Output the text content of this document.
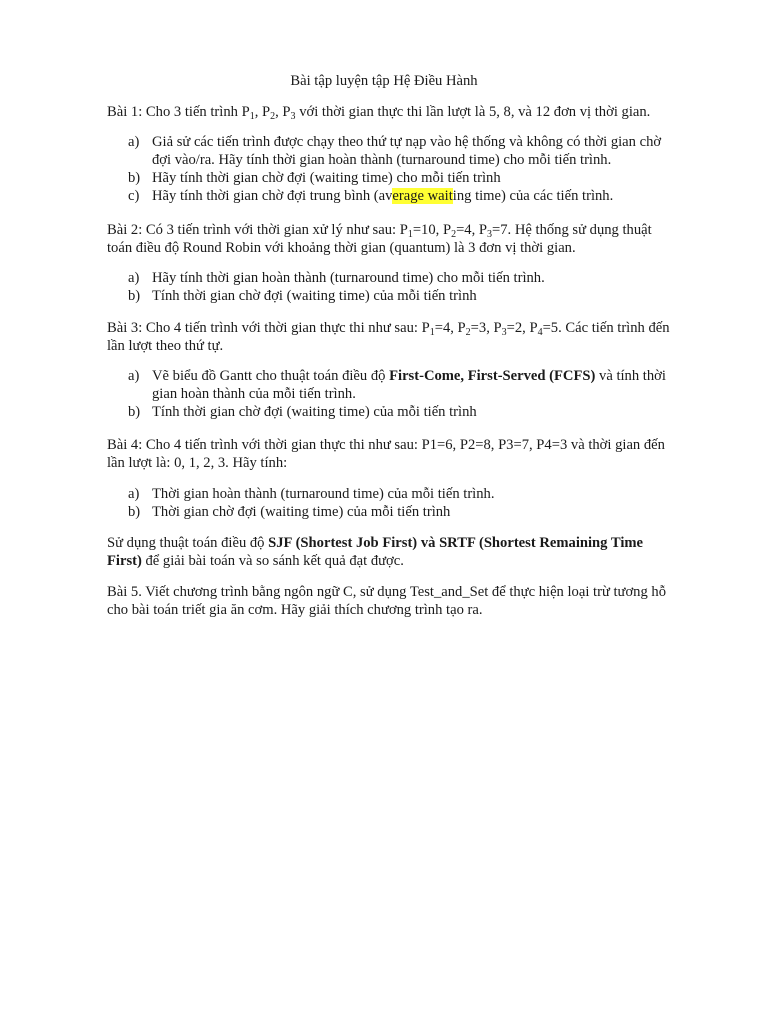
Bài tập luyện tập Hệ Điều Hành

Bài 1: Cho 3 tiến trình $P_1$, $P_2$, $P_3$ với thời gian thực thi lần lượt là 5, 8, và 12 đơn vị thời gian.

a) Giả sử các tiến trình được chạy theo thứ tự nạp vào hệ thống và không có thời gian chờ đợi vào/ra. Hãy tính thời gian hoàn thành (turnaround time) cho mỗi tiến trình.
b) Hãy tính thời gian chờ đợi (waiting time) cho mỗi tiến trình
c) Hãy tính thời gian chờ đợi trung bình (average waiting time) của các tiến trình.

Bài 2: Có 3 tiến trình với thời gian xử lý như sau: $P_1=10$, $P_2=4$, $P_3=7$. Hệ thống sử dụng thuật toán điều độ Round Robin với khoảng thời gian (quantum) là 3 đơn vị thời gian.

a) Hãy tính thời gian hoàn thành (turnaround time) cho mỗi tiến trình.
b) Tính thời gian chờ đợi (waiting time) của mỗi tiến trình

Bài 3: Cho 4 tiến trình với thời gian thực thi như sau: $P_1=4$, $P_2=3$, $P_3=2$, $P_4=5$. Các tiến trình đến lần lượt theo thứ tự.

a) Vẽ biểu đồ Gantt cho thuật toán điều độ First-Come, First-Served (FCFS) và tính thời gian hoàn thành của mỗi tiến trình.
b) Tính thời gian chờ đợi (waiting time) của mỗi tiến trình

Bài 4: Cho 4 tiến trình với thời gian thực thi như sau: P1=6, P2=8, P3=7, P4=3 và thời gian đến lần lượt là: 0, 1, 2, 3. Hãy tính:

a) Thời gian hoàn thành (turnaround time) của mỗi tiến trình.
b) Thời gian chờ đợi (waiting time) của mỗi tiến trình

Sử dụng thuật toán điều độ SJF (Shortest Job First) và SRTF (Shortest Remaining Time First) để giải bài toán và so sánh kết quả đạt được.

Bài 5. Viết chương trình bằng ngôn ngữ C, sử dụng Test_and_Set để thực hiện loại trừ tương hỗ cho bài toán triết gia ăn cơm. Hãy giải thích chương trình tạo ra.
